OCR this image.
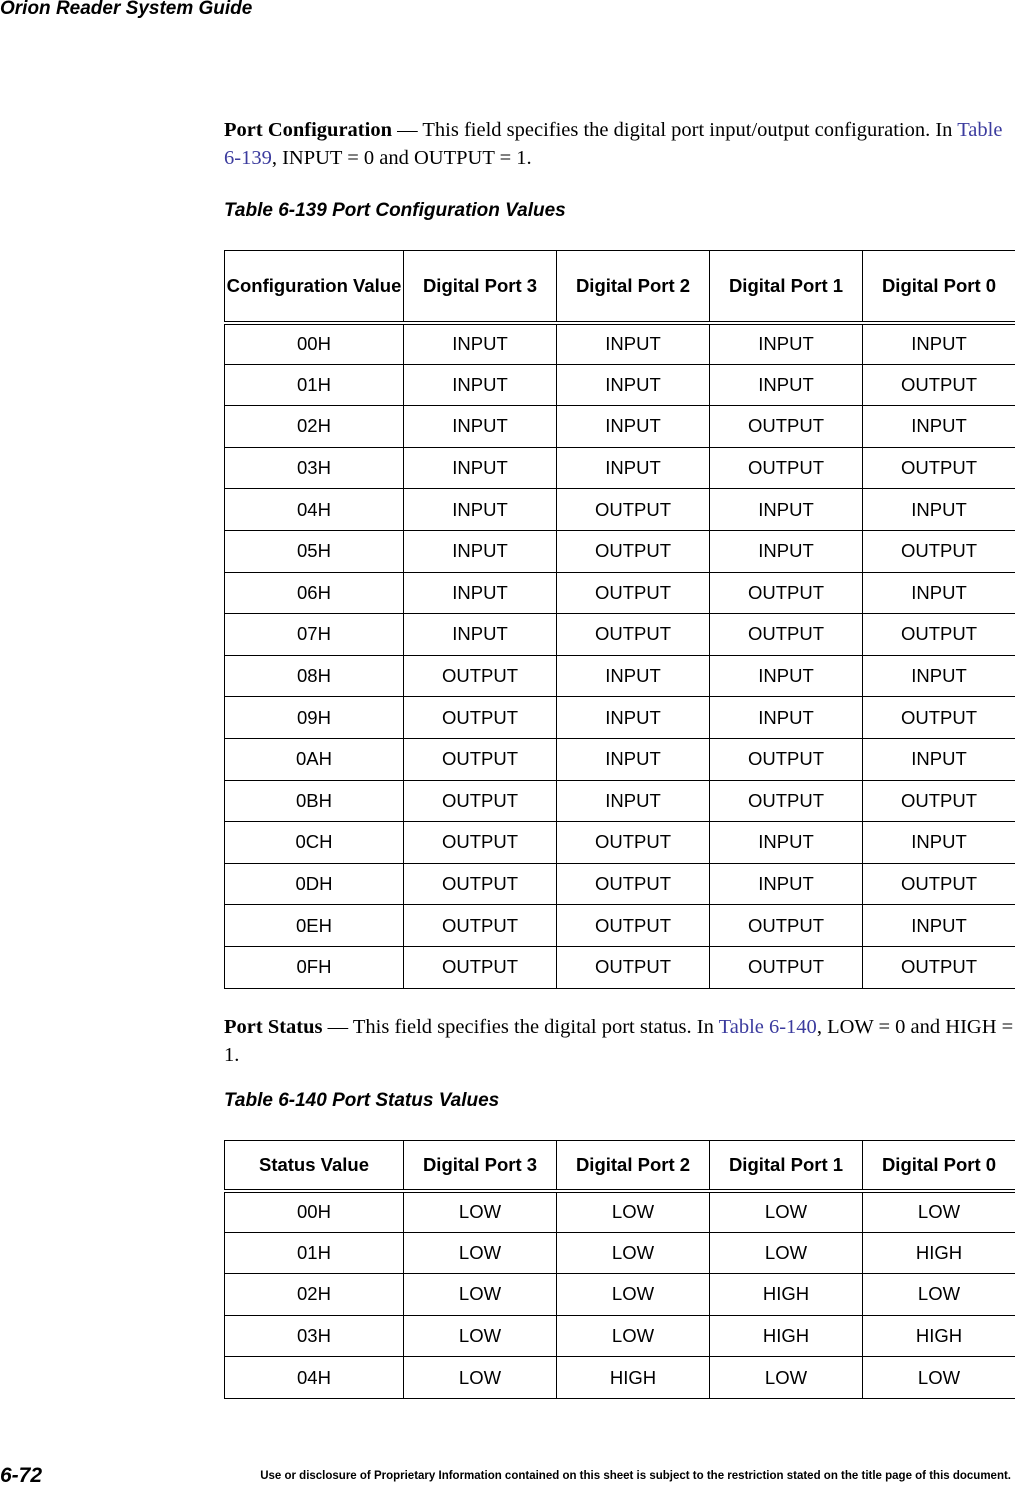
Orion Reader System Guide

Port Configuration — This field specifies the digital port input/output configuration. In Table 6-139, INPUT = 0 and OUTPUT = 1.

Table 6-139 Port Configuration Values
Configuration Value	Digital Port 3	Digital Port 2	Digital Port 1	Digital Port 0
00H	INPUT	INPUT	INPUT	INPUT
01H	INPUT	INPUT	INPUT	OUTPUT
02H	INPUT	INPUT	OUTPUT	INPUT
03H	INPUT	INPUT	OUTPUT	OUTPUT
04H	INPUT	OUTPUT	INPUT	INPUT
05H	INPUT	OUTPUT	INPUT	OUTPUT
06H	INPUT	OUTPUT	OUTPUT	INPUT
07H	INPUT	OUTPUT	OUTPUT	OUTPUT
08H	OUTPUT	INPUT	INPUT	INPUT
09H	OUTPUT	INPUT	INPUT	OUTPUT
0AH	OUTPUT	INPUT	OUTPUT	INPUT
0BH	OUTPUT	INPUT	OUTPUT	OUTPUT
0CH	OUTPUT	OUTPUT	INPUT	INPUT
0DH	OUTPUT	OUTPUT	INPUT	OUTPUT
0EH	OUTPUT	OUTPUT	OUTPUT	INPUT
0FH	OUTPUT	OUTPUT	OUTPUT	OUTPUT

Port Status — This field specifies the digital port status. In Table 6-140, LOW = 0 and HIGH = 1.

Table 6-140 Port Status Values
Status Value	Digital Port 3	Digital Port 2	Digital Port 1	Digital Port 0
00H	LOW	LOW	LOW	LOW
01H	LOW	LOW	LOW	HIGH
02H	LOW	LOW	HIGH	LOW
03H	LOW	LOW	HIGH	HIGH
04H	LOW	HIGH	LOW	LOW
6-72	Use or disclosure of Proprietary Information contained on this sheet is subject to the restriction stated on the title page of this document.
